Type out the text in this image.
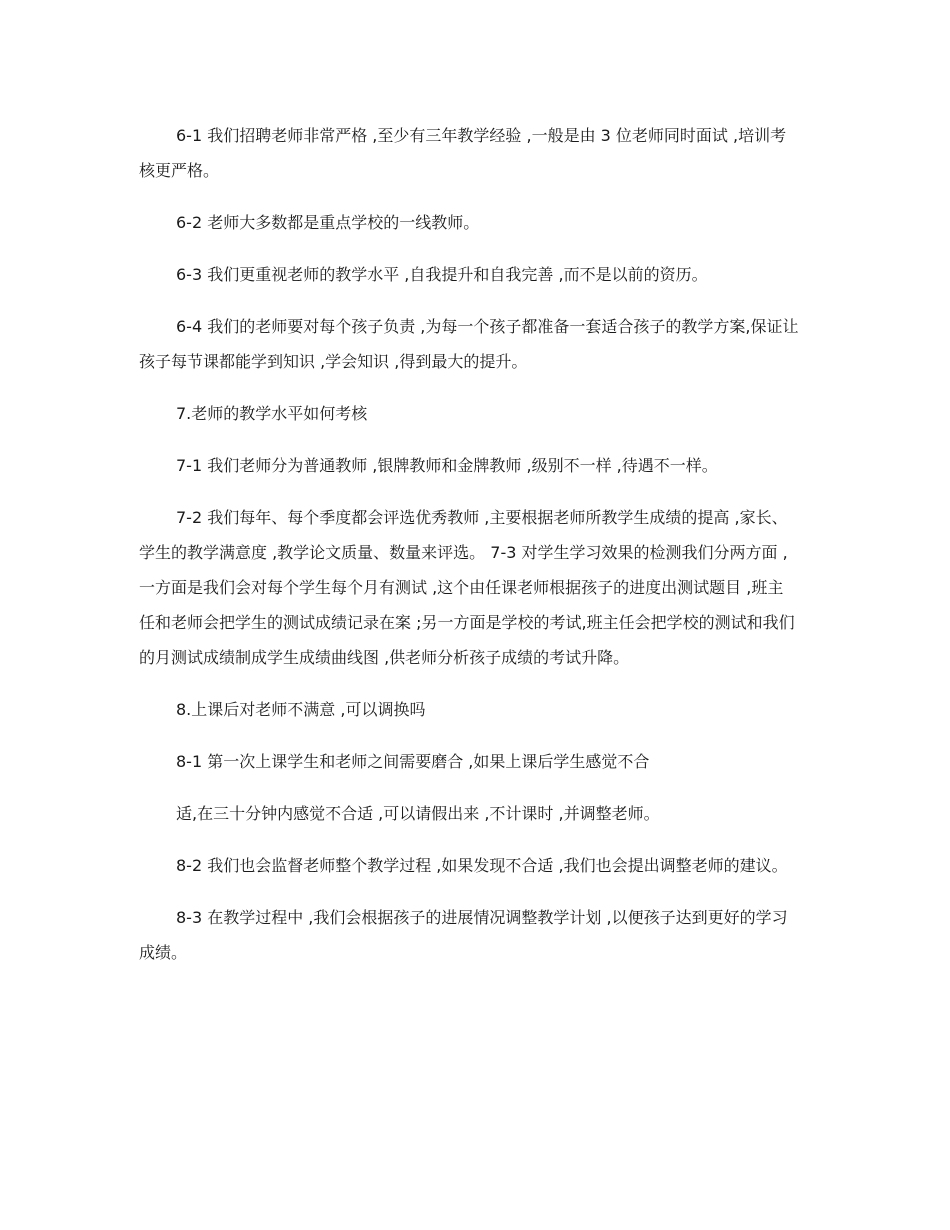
6-1 我们招聘老师非常严格 ,至少有三年教学经验 ,一般是由 3 位老师同时面试 ,培训考核更严格。

6-2 老师大多数都是重点学校的一线教师。

6-3 我们更重视老师的教学水平 ,自我提升和自我完善 ,而不是以前的资历。

6-4 我们的老师要对每个孩子负责 ,为每一个孩子都准备一套适合孩子的教学方案,保证让孩子每节课都能学到知识 ,学会知识 ,得到最大的提升。

7.老师的教学水平如何考核

7-1 我们老师分为普通教师 ,银牌教师和金牌教师 ,级别不一样 ,待遇不一样。

7-2 我们每年、每个季度都会评选优秀教师 ,主要根据老师所教学生成绩的提高 ,家长、学生的教学满意度 ,教学论文质量、数量来评选。 7-3 对学生学习效果的检测我们分两方面 ,一方面是我们会对每个学生每个月有测试 ,这个由任课老师根据孩子的进度出测试题目 ,班主任和老师会把学生的测试成绩记录在案 ;另一方面是学校的考试,班主任会把学校的测试和我们的月测试成绩制成学生成绩曲线图 ,供老师分析孩子成绩的考试升降。

8.上课后对老师不满意 ,可以调换吗

8-1 第一次上课学生和老师之间需要磨合 ,如果上课后学生感觉不合

适,在三十分钟内感觉不合适 ,可以请假出来 ,不计课时 ,并调整老师。

8-2 我们也会监督老师整个教学过程 ,如果发现不合适 ,我们也会提出调整老师的建议。

8-3 在教学过程中 ,我们会根据孩子的进展情况调整教学计划 ,以便孩子达到更好的学习成绩。
